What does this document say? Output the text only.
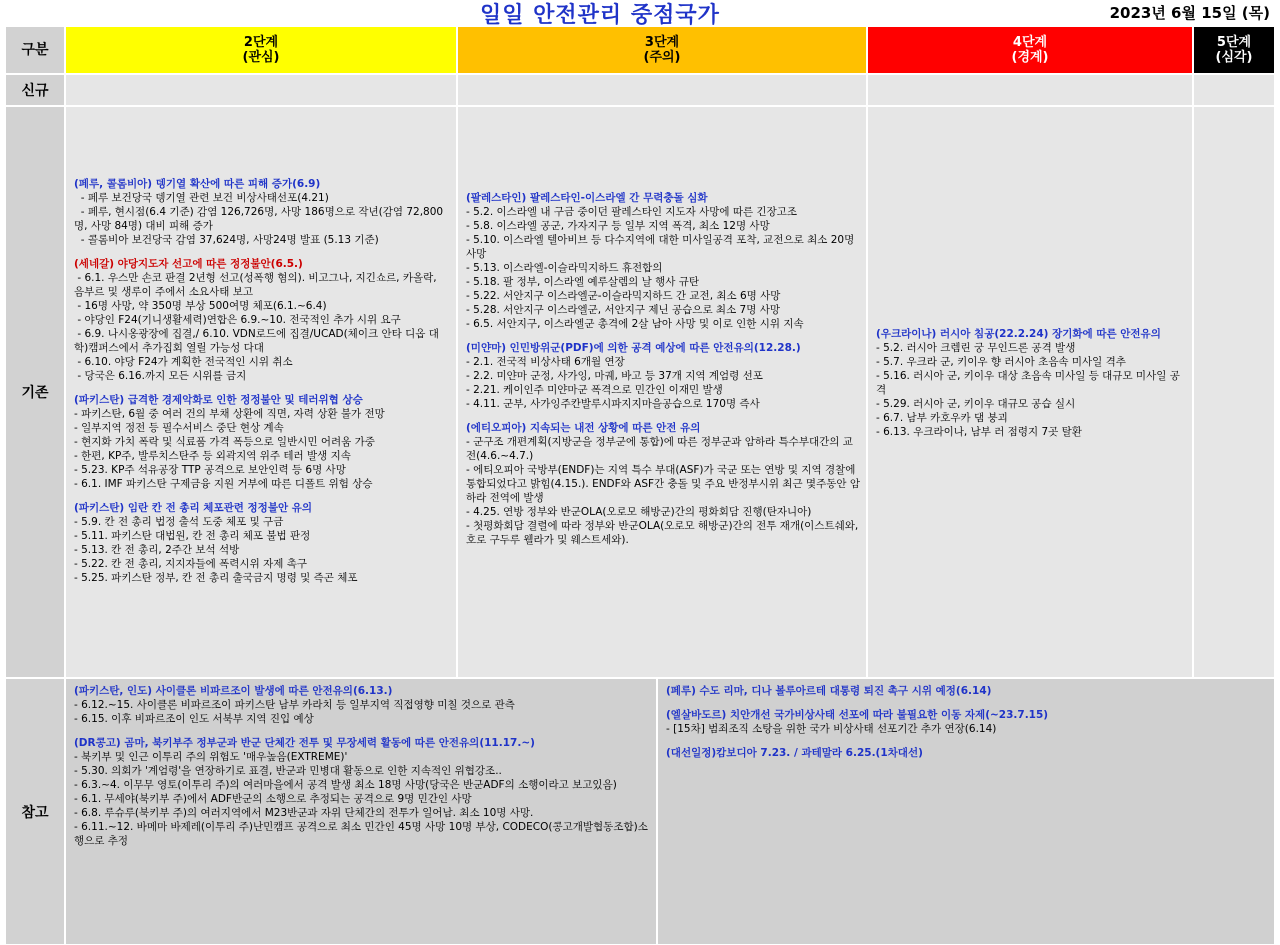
일일 안전관리 중점국가	2023년 6월 15일 (목)
구분	2단계
(관심)
3단계
(주의)
4단계
(경계)
5단계
(심각)
신규
기존
(페루, 콜롬비아) 뎅기열 확산에 따른 피해 증가(6.9)
- 페루 보건당국 뎅기열 관련 보건 비상사태선포(4.21)
- 페루, 현시점(6.4 기준) 감염 126,726명, 사망 186명으로 작년(감염 72,800명, 사망 84명) 대비 피해 증가
- 콜롬비아 보건당국 감염 37,624명, 사망24명 발표 (5.13 기준)
(세네갈) 야당지도자 선고에 따른 정정불안(6.5.)
- 6.1. 우스만 손코 판결 2년형 선고(성폭행 혐의). 비고그나, 지긴쇼르, 카올락, 음부르 및 생루이 주에서 소요사태 보고
- 16명 사망, 약 350명 부상 500여명 체포(6.1.~6.4)
- 야당인 F24(기니생활세력)연합은 6.9.~10. 전국적인 추가 시위 요구
- 6.9. 나시옹광장에 집결,/ 6.10. VDN로드에 집결/UCAD(체이크 안타 디옵 대학)캠퍼스에서 추가집회 열릴 가능성 다대
- 6.10. 야당 F24가 계획한 전국적인 시위 취소
- 당국은 6.16.까지 모든 시위를 금지
(파키스탄) 급격한 경제악화로 인한 정정불안 및 테러위협 상승
- 파키스탄, 6월 중 여러 건의 부채 상환에 직면, 자력 상환 불가 전망
- 일부지역 정전 등 필수서비스 중단 현상 계속
- 현지화 가치 폭락 및 식료품 가격 폭등으로 일반시민 어려움 가중
- 한편, KP주, 발루치스탄주 등 외곽지역 위주 테러 발생 지속
- 5.23. KP주 석유공장 TTP 공격으로 보안인력 등 6명 사망
- 6.1. IMF 파키스탄 구제금융 지원 거부에 따른 디폴트 위험 상승
(파키스탄) 임란 칸 전 총리 체포관련 정정불안 유의
- 5.9. 칸 전 총리 법정 출석 도중 체포 및 구금
- 5.11. 파키스탄 대법원, 칸 전 총리 체포 불법 판정
- 5.13. 칸 전 총리, 2주간 보석 석방
- 5.22. 칸 전 총리, 지지자들에 폭력시위 자제 촉구
- 5.25. 파키스탄 정부, 칸 전 총리 출국금지 명령 및 즉곤 체포
(팔레스타인) 팔레스타인-이스라엘 간 무력충돌 심화
- 5.2. 이스라엘 내 구금 중이던 팔레스타인 지도자 사망에 따른 긴장고조
- 5.8. 이스라엘 공군, 가자지구 등 일부 지역 폭격, 최소 12명 사망
- 5.10. 이스라엘 텔아비브 등 다수지역에 대한 미사일공격 포착, 교전으로 최소 20명 사망
- 5.13. 이스라엘-이슬라믹지하드 휴전합의
- 5.18. 팔 정부, 이스라엘 예루살렘의 날 행사 규탄
- 5.22. 서안지구 이스라엘군-이슬라믹지하드 간 교전, 최소 6명 사망
- 5.28. 서안지구 이스라엘군, 서안지구 제닌 공습으로 최소 7명 사망
- 6.5. 서안지구, 이스라엘군 총격에 2살 남아 사망 및 이로 인한 시위 지속
(미얀마) 인민방위군(PDF)에 의한 공격 예상에 따른 안전유의(12.28.)
- 2.1. 전국적 비상사태 6개월 연장
- 2.2. 미얀마 군정, 사가잉, 마궤, 바고 등 37개 지역 계엄령 선포
- 2.21. 케이인주 미얀마군 폭격으로 민간인 이재민 발생
- 4.11. 군부, 사가잉주칸발루시파지지마을공습으로 170명 즉사
(에티오피아) 지속되는 내전 상황에 따른 안전 유의
- 군구조 개편계획(지방군을 정부군에 통합)에 따른 정부군과 암하라 특수부대간의 교전(4.6.~4.7.)
- 에티오피아 국방부(ENDF)는 지역 특수 부대(ASF)가 국군 또는 연방 및 지역 경찰에 통합되었다고 밝힘(4.15.). ENDF와 ASF간 충돌 및 주요 반정부시위 최근 몇주동안 암하라 전역에 발생
- 4.25. 연방 정부와 반군OLA(오로모 해방군)간의 평화회담 진행(탄자니아)
- 첫평화회담 결렬에 따라 정부와 반군OLA(오로모 해방군)간의 전투 재개(이스트쉐와, 호로 구두루 웰라가 및 웨스트세와).
(우크라이나) 러시아 침공(22.2.24) 장기화에 따른 안전유의
- 5.2. 러시아 크렘린 궁 무인드론 공격 발생
- 5.7. 우크라 군, 키이우 향 러시아 초음속 미사일 격추
- 5.16. 러시아 군, 키이우 대상 초음속 미사일 등 대규모 미사일 공격
- 5.29. 러시아 군, 키이우 대규모 공습 실시
- 6.7. 남부 카호우카 댐 붕괴
- 6.13. 우크라이나, 남부 러 점령지 7곳 탈환
참고
(파키스탄, 인도) 사이클론 비파르조이 발생에 따른 안전유의(6.13.)
- 6.12.~15. 사이클론 비파르조이 파키스탄 남부 카라치 등 일부지역 직접영향 미칠 것으로 관측
- 6.15. 이후 비파르조이 인도 서북부 지역 진입 예상
(DR콩고) 곰마, 북키부주 정부군과 반군 단체간 전투 및 무장세력 활동에 따른 안전유의(11.17.~)
- 북키부 및 인근 이투리 주의 위험도 '매우높음(EXTREME)'
- 5.30. 의회가 '계엄령'을 연장하기로 표결, 반군과 민병대 활동으로 인한 지속적인 위협강조..
- 6.3.~4. 이무무 영토(이투리 주)의 여러마을에서 공격 발생 최소 18명 사망(당국은 반군ADF의 소행이라고 보고있음)
- 6.1. 무세야(북키부 주)에서 ADF반군의 소행으로 추정되는 공격으로 9명 민간인 사망
- 6.8. 루슈루(북키부 주)의 여러지역에서 M23반군과 자위 단체간의 전투가 일어남. 최소 10명 사망.
- 6.11.~12. 바메마 바제레(이투리 주)난민캠프 공격으로 최소 민간인 45명 사망 10명 부상, CODECO(콩고개발협동조합)소행으로 추정
(페루) 수도 리마, 디나 볼루아르테 대통령 퇴진 촉구 시위 예정(6.14)
(엘살바도르) 치안개선 국가비상사태 선포에 따라 불필요한 이동 자제(~23.7.15)
- [15차] 범죄조직 소탕을 위한 국가 비상사태 선포기간 추가 연장(6.14)
(대선일정)캄보디아 7.23. / 과테말라 6.25.(1차대선)
